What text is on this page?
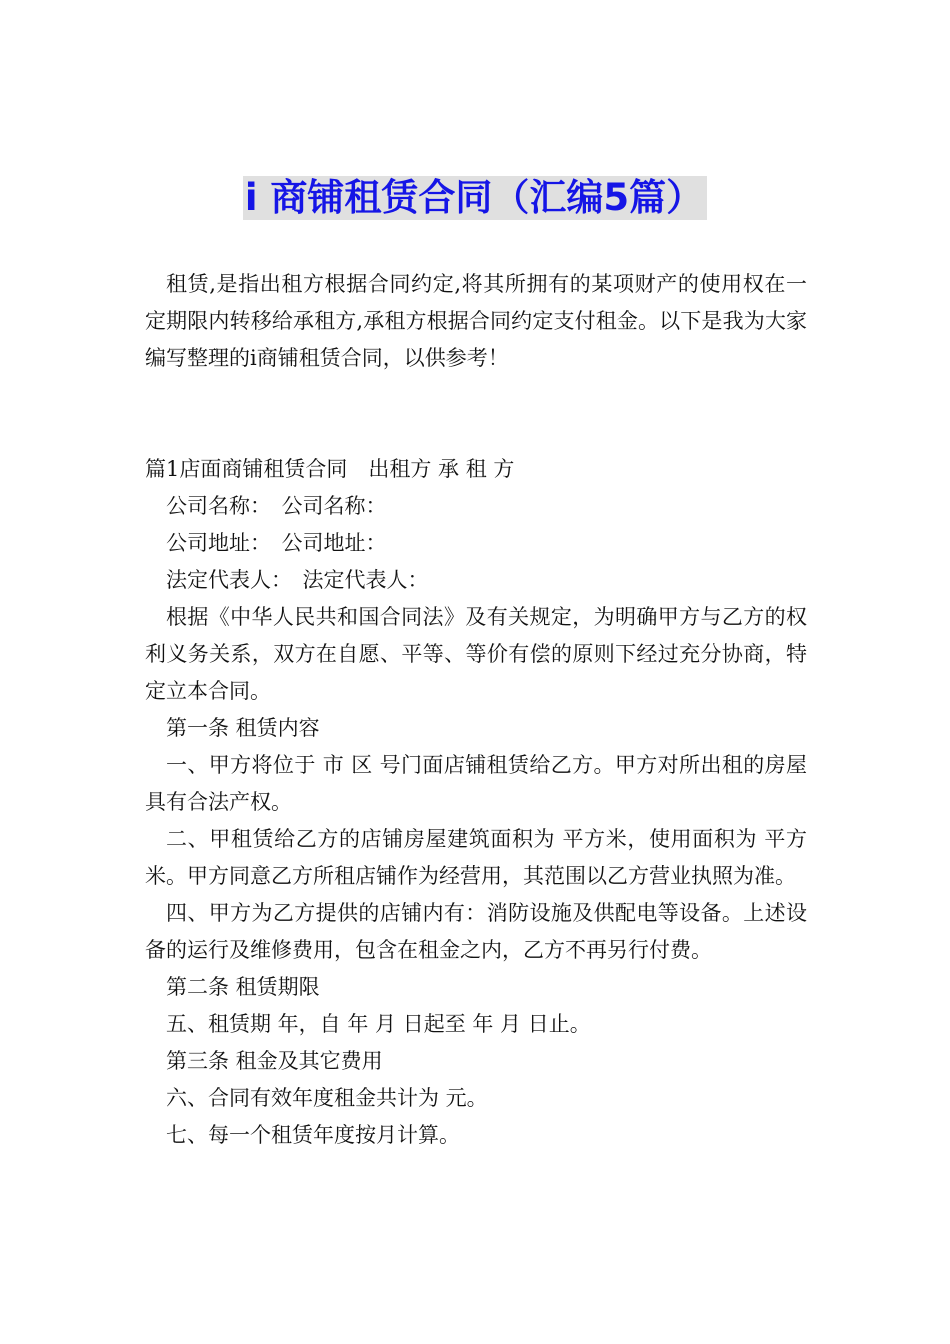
i 商铺租赁合同（汇编5篇）

租赁,是指出租方根据合同约定,将其所拥有的某项财产的使用权在一定期限内转移给承租方,承租方根据合同约定支付租金。以下是我为大家编写整理的i商铺租赁合同，以供参考！

篇1店面商铺租赁合同　出租方 承 租 方

公司名称：　公司名称：

公司地址：　公司地址：

法定代表人：　法定代表人：

根据《中华人民共和国合同法》及有关规定，为明确甲方与乙方的权利义务关系，双方在自愿、平等、等价有偿的原则下经过充分协商，特定立本合同。

第一条 租赁内容

一、甲方将位于 市 区 号门面店铺租赁给乙方。甲方对所出租的房屋具有合法产权。

二、甲租赁给乙方的店铺房屋建筑面积为 平方米，使用面积为 平方米。甲方同意乙方所租店铺作为经营用，其范围以乙方营业执照为准。

四、甲方为乙方提供的店铺内有：消防设施及供配电等设备。上述设备的运行及维修费用，包含在租金之内，乙方不再另行付费。

第二条 租赁期限

五、租赁期 年，自 年 月 日起至 年 月 日止。

第三条 租金及其它费用

六、合同有效年度租金共计为 元。

七、每一个租赁年度按月计算。
